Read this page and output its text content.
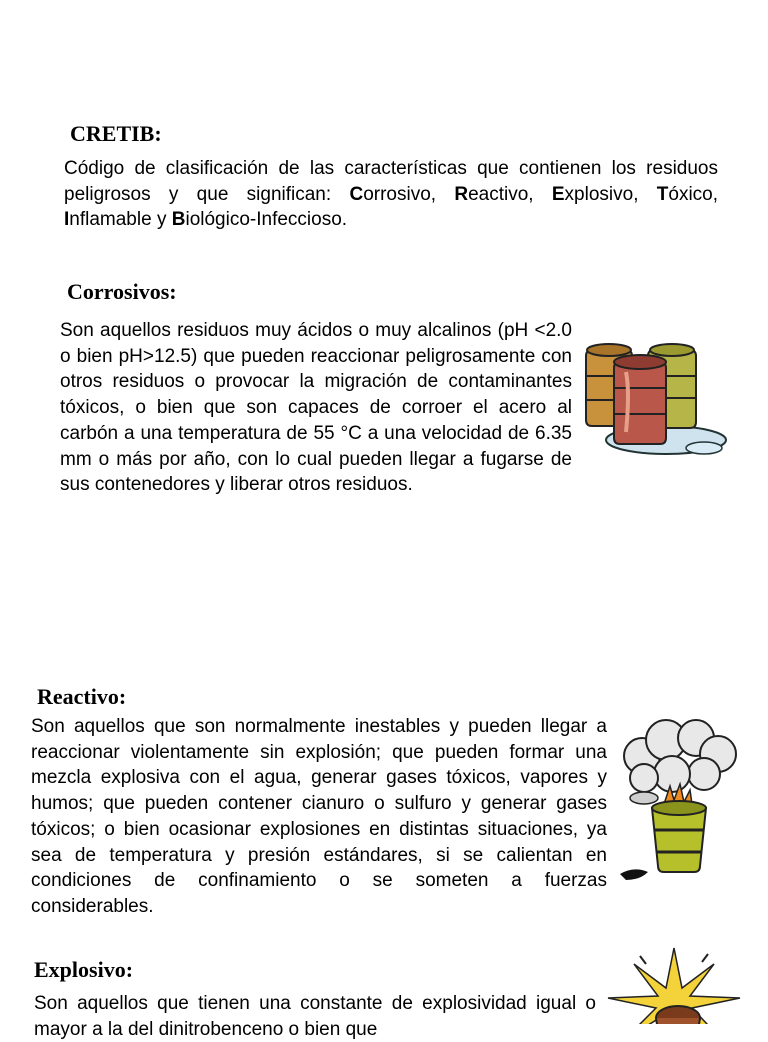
CRETIB:

Código de clasificación de las características que contienen los residuos peligrosos y que significan: Corrosivo, Reactivo, Explosivo, Tóxico, Inflamable y Biológico-Infeccioso.

Corrosivos:

Son aquellos residuos muy ácidos o muy alcalinos (pH <2.0 o bien pH>12.5) que pueden reaccionar peligrosamente con otros residuos o provocar la migración de contaminantes tóxicos, o bien que son capaces de corroer el acero al carbón a una temperatura de 55 °C a una velocidad de 6.35 mm o más por año, con lo cual pueden llegar a fugarse de sus contenedores y liberar otros residuos.

Reactivo:

Son aquellos que son normalmente inestables y pueden llegar a reaccionar violentamente sin explosión; que pueden formar una mezcla explosiva con el agua, generar gases tóxicos, vapores y humos; que pueden contener cianuro o sulfuro y generar gases tóxicos; o bien ocasionar explosiones en distintas situaciones, ya sea de temperatura y presión estándares, si se calientan en condiciones de confinamiento o se someten a fuerzas considerables.

Explosivo:

Son aquellos que tienen una constante de explosividad igual o mayor a la del dinitrobenceno o bien que
